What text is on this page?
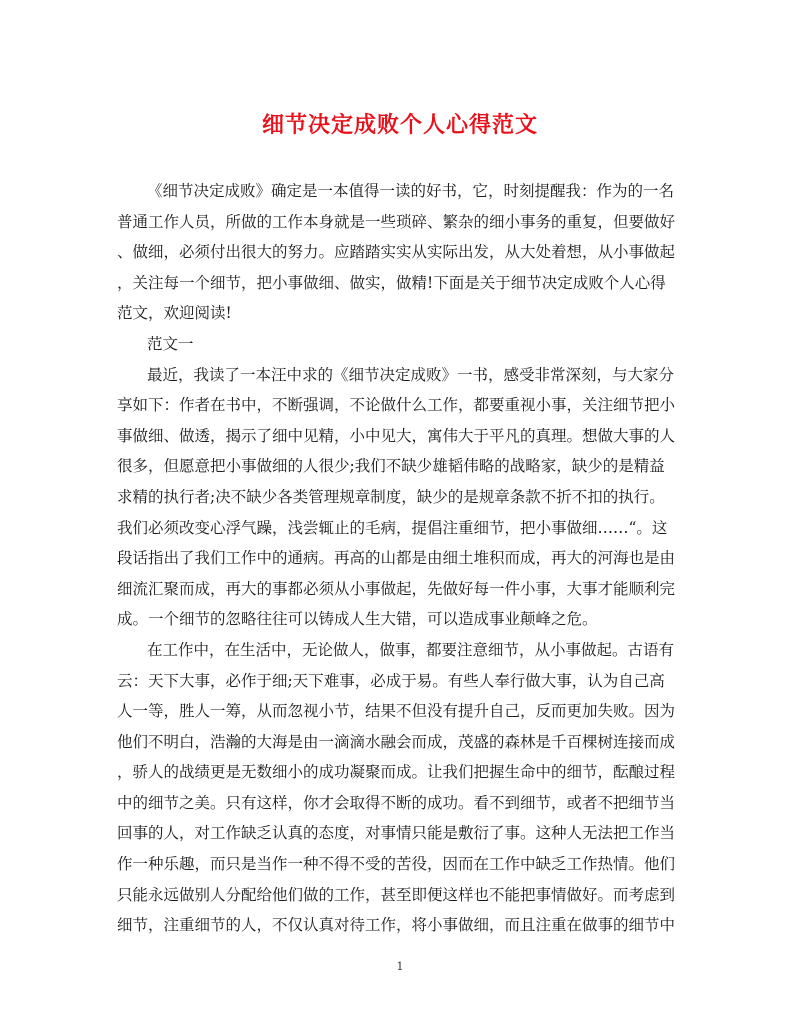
细节决定成败个人心得范文
《细节决定成败》确定是一本值得一读的好书，它，时刻提醒我：作为的一名
普通工作人员，所做的工作本身就是一些琐碎、繁杂的细小事务的重复，但要做好
、做细，必须付出很大的努力。应踏踏实实从实际出发，从大处着想，从小事做起
，关注每一个细节，把小事做细、做实，做精!下面是关于细节决定成败个人心得
范文，欢迎阅读!
范文一
最近，我读了一本汪中求的《细节决定成败》一书，感受非常深刻，与大家分
享如下：作者在书中，不断强调，不论做什么工作，都要重视小事，关注细节把小
事做细、做透，揭示了细中见精，小中见大，寓伟大于平凡的真理。想做大事的人
很多，但愿意把小事做细的人很少;我们不缺少雄韬伟略的战略家，缺少的是精益
求精的执行者;决不缺少各类管理规章制度，缺少的是规章条款不折不扣的执行。
我们必须改变心浮气躁，浅尝辄止的毛病，提倡注重细节，把小事做细……“。这
段话指出了我们工作中的通病。再高的山都是由细土堆积而成，再大的河海也是由
细流汇聚而成，再大的事都必须从小事做起，先做好每一件小事，大事才能顺利完
成。一个细节的忽略往往可以铸成人生大错，可以造成事业颠峰之危。
在工作中，在生活中，无论做人，做事，都要注意细节，从小事做起。古语有
云：天下大事，必作于细;天下难事，必成于易。有些人奉行做大事，认为自己高
人一等，胜人一筹，从而忽视小节，结果不但没有提升自己，反而更加失败。因为
他们不明白，浩瀚的大海是由一滴滴水融会而成，茂盛的森林是千百棵树连接而成
，骄人的战绩更是无数细小的成功凝聚而成。让我们把握生命中的细节，酝酿过程
中的细节之美。只有这样，你才会取得不断的成功。看不到细节，或者不把细节当
回事的人，对工作缺乏认真的态度，对事情只能是敷衍了事。这种人无法把工作当
作一种乐趣，而只是当作一种不得不受的苦役，因而在工作中缺乏工作热情。他们
只能永远做别人分配给他们做的工作，甚至即便这样也不能把事情做好。而考虑到
细节，注重细节的人，不仅认真对待工作，将小事做细，而且注重在做事的细节中
1
